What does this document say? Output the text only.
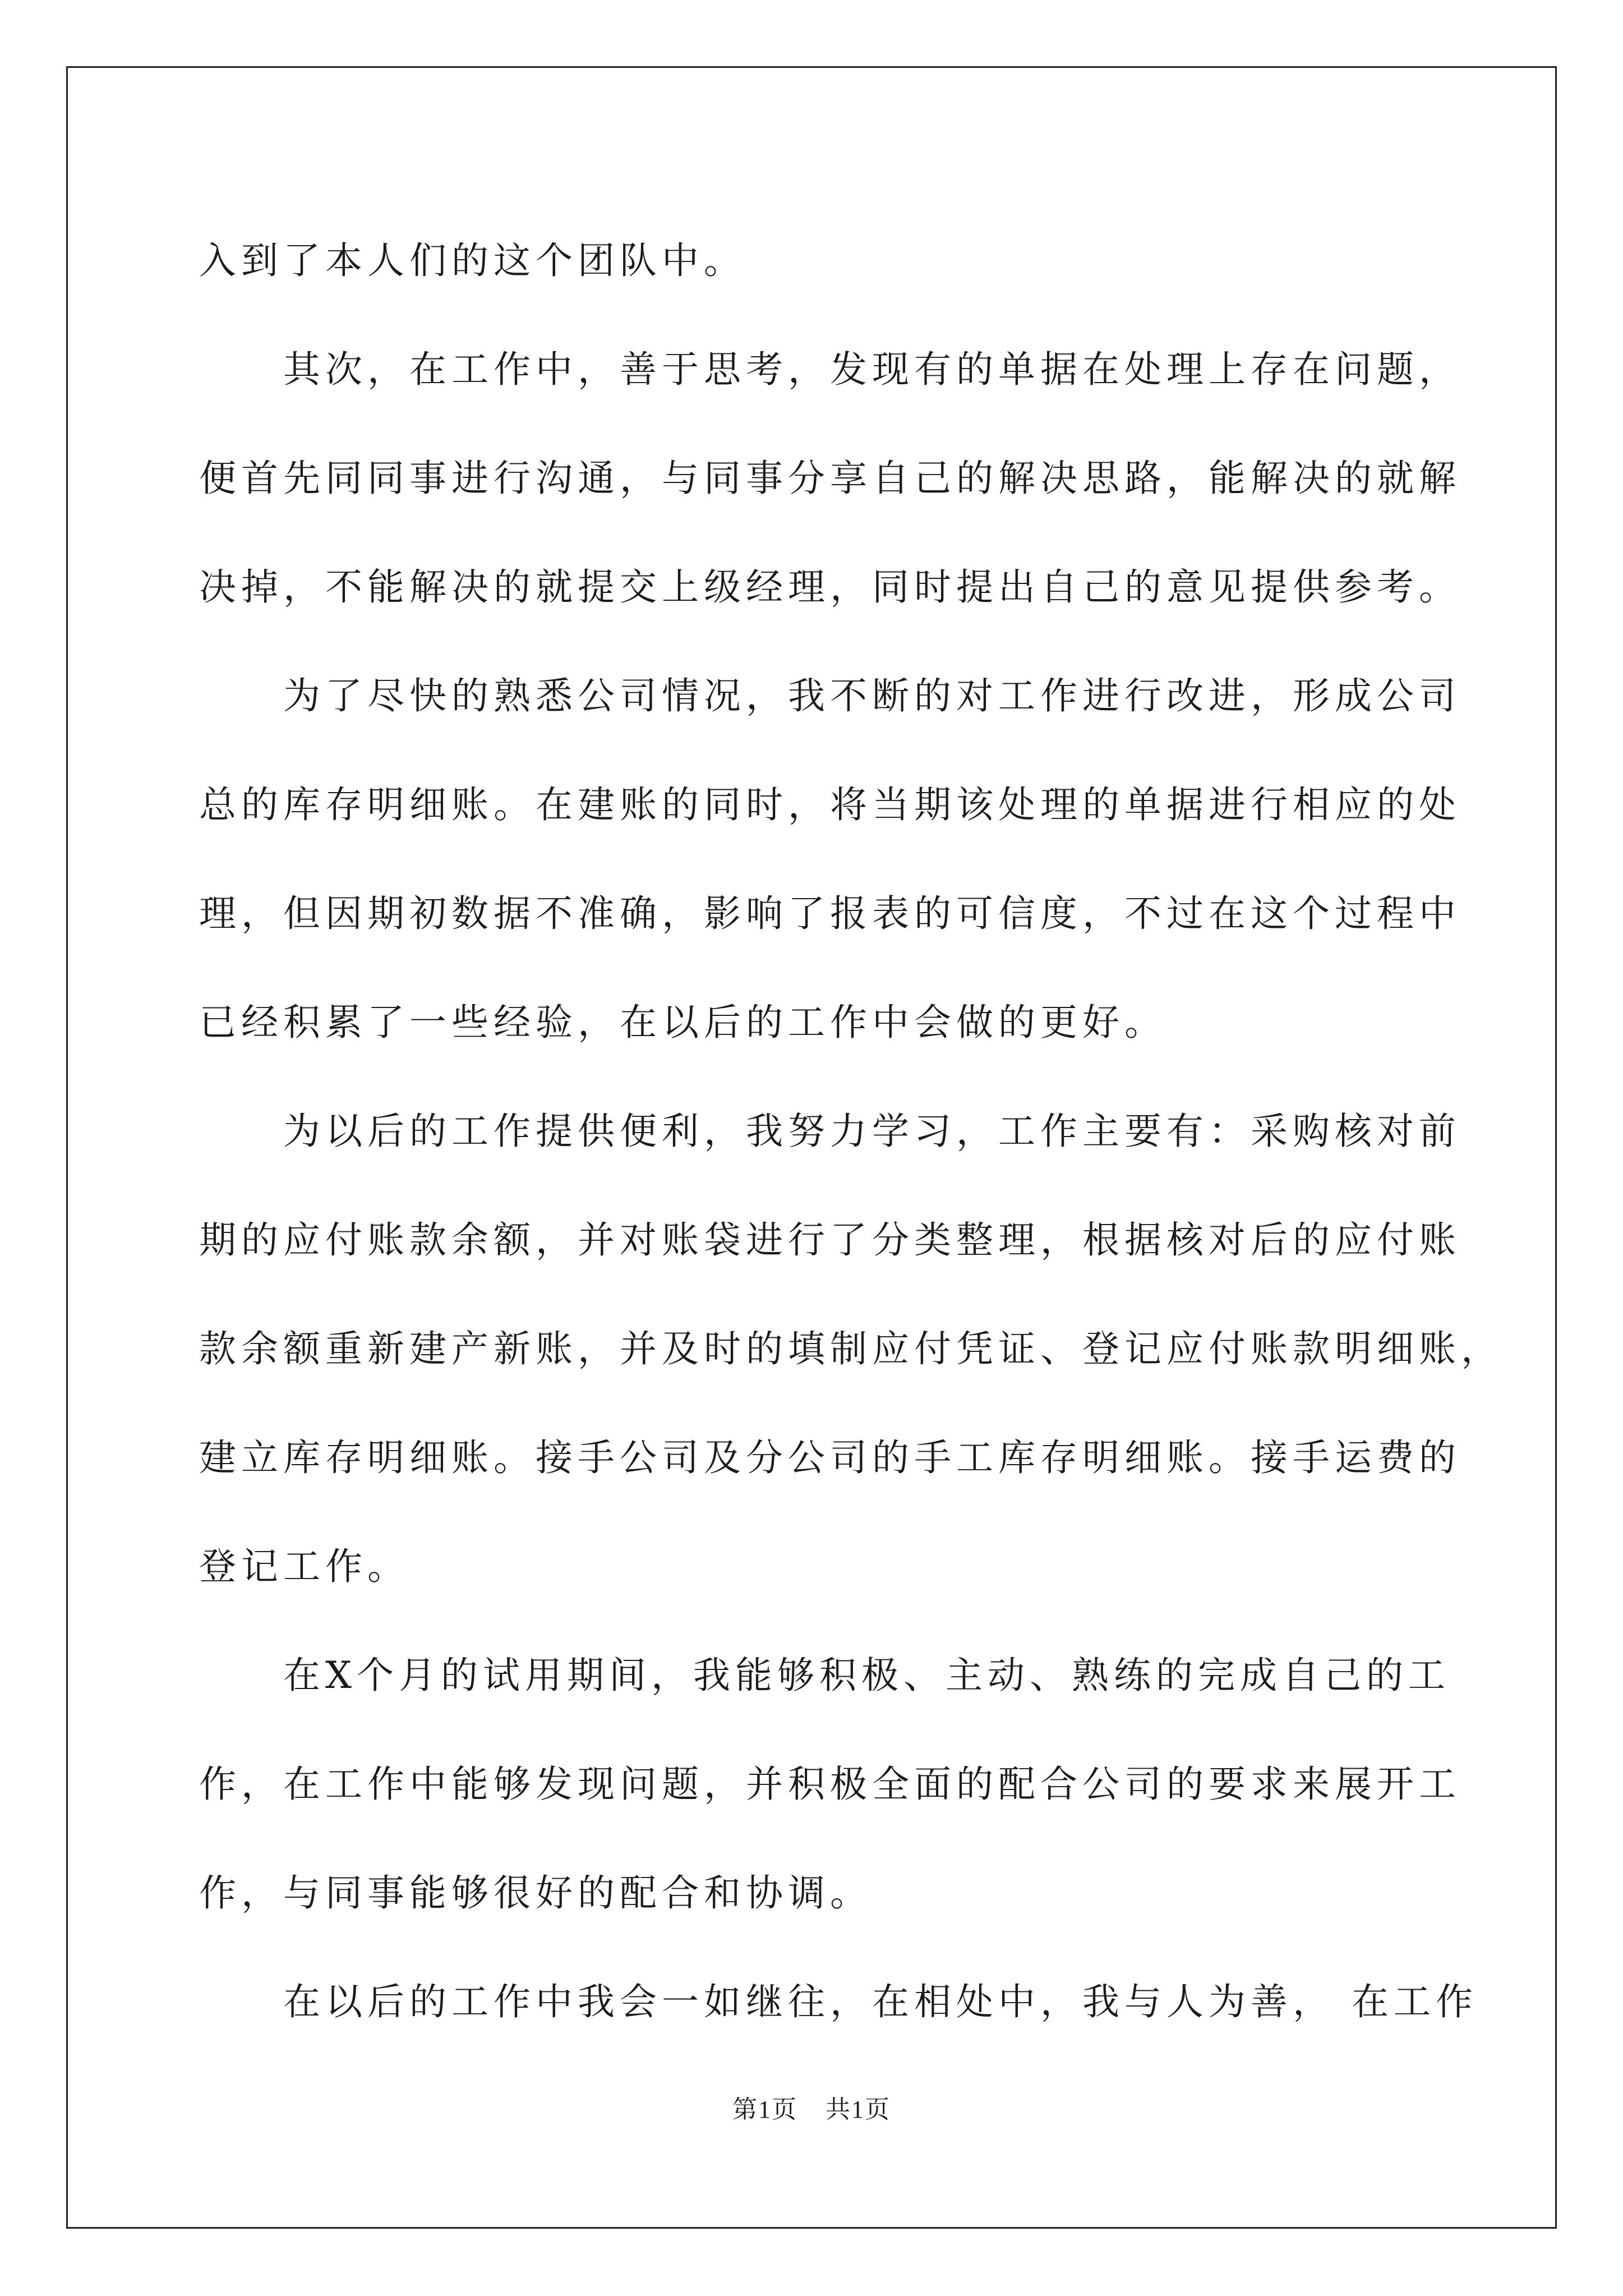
入到了本人们的这个团队中。
其次，在工作中，善于思考，发现有的单据在处理上存在问题，
便首先同同事进行沟通，与同事分享自己的解决思路，能解决的就解
决掉，不能解决的就提交上级经理，同时提出自己的意见提供参考。
为了尽快的熟悉公司情况，我不断的对工作进行改进，形成公司
总的库存明细账。在建账的同时，将当期该处理的单据进行相应的处
理，但因期初数据不准确，影响了报表的可信度，不过在这个过程中
已经积累了一些经验，在以后的工作中会做的更好。
为以后的工作提供便利，我努力学习，工作主要有：采购核对前
期的应付账款余额，并对账袋进行了分类整理，根据核对后的应付账
款余额重新建产新账，并及时的填制应付凭证、登记应付账款明细账，
建立库存明细账。接手公司及分公司的手工库存明细账。接手运费的
登记工作。
在X个月的试用期间，我能够积极、主动、熟练的完成自己的工
作，在工作中能够发现问题，并积极全面的配合公司的要求来展开工
作，与同事能够很好的配合和协调。
在以后的工作中我会一如继往，在相处中，我与人为善， 在工作
第1页 共1页
